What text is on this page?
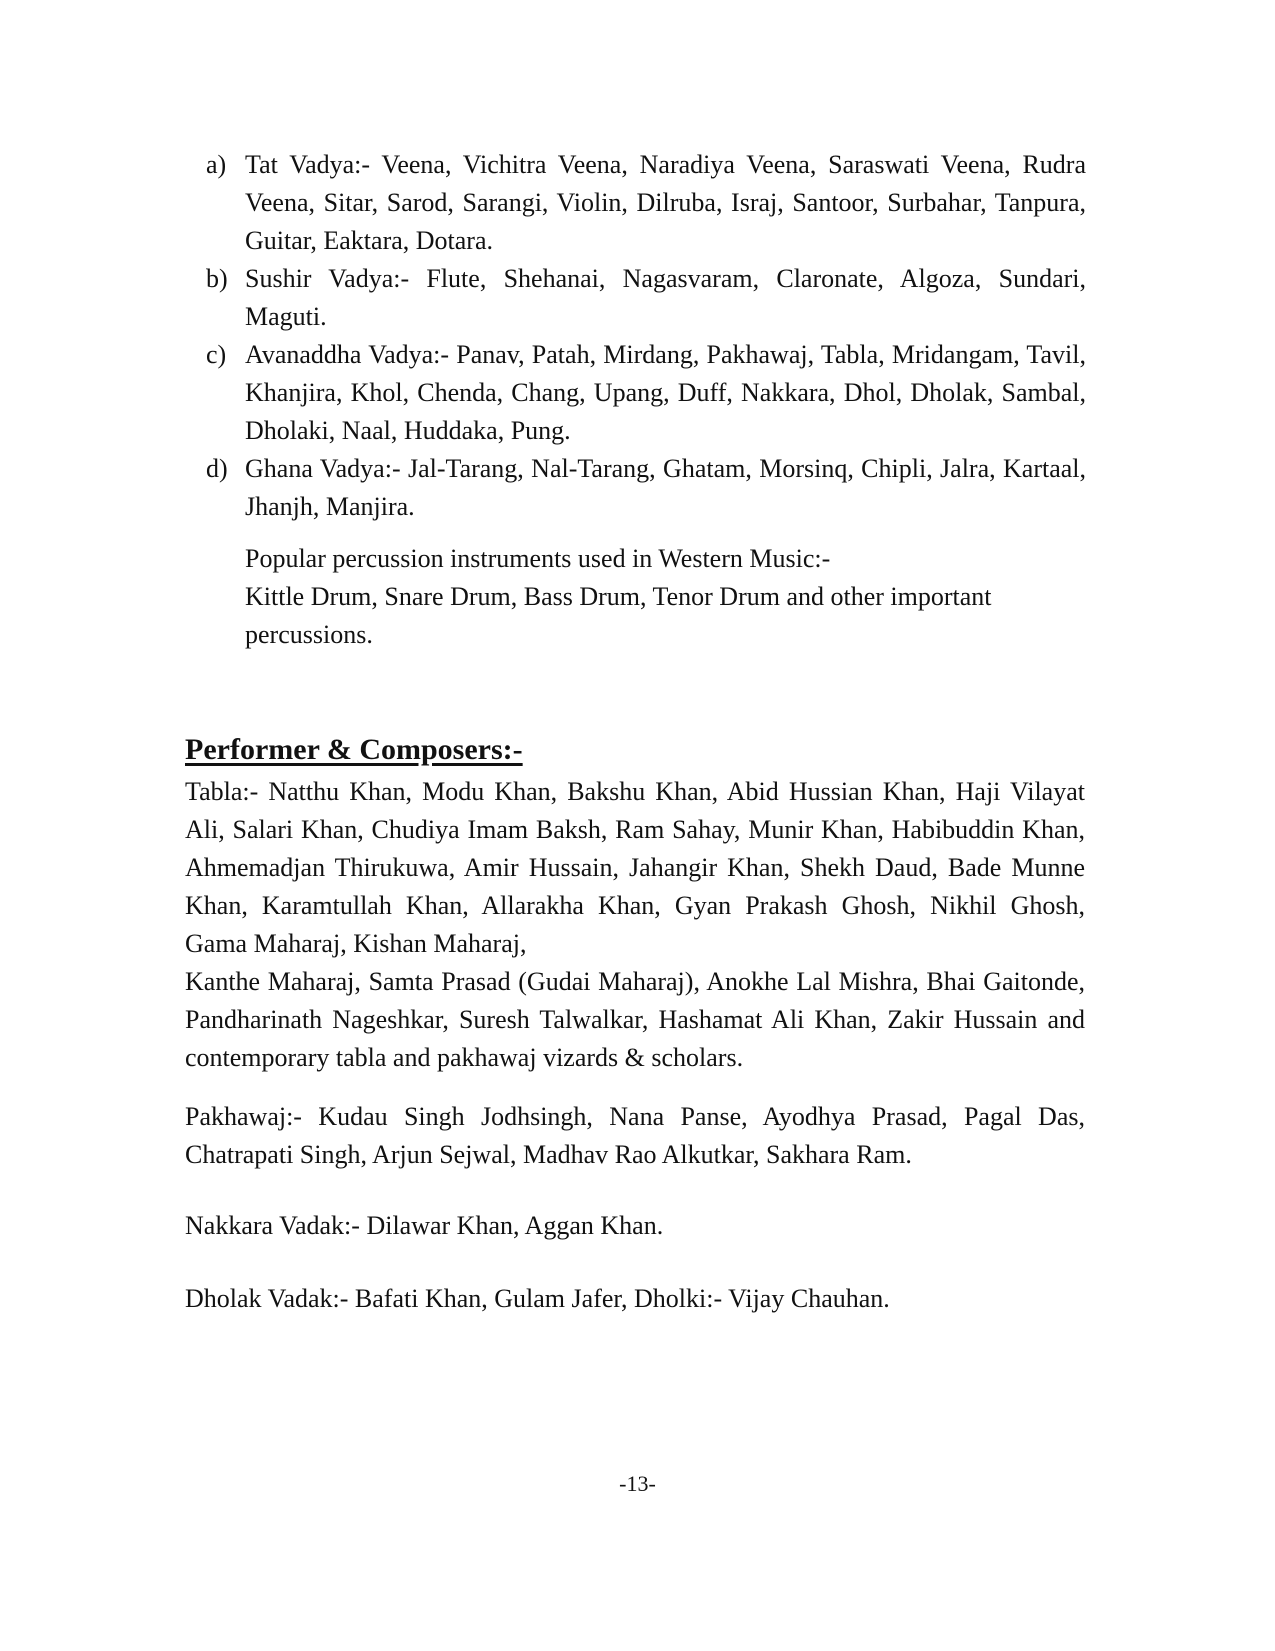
a) Tat Vadya:- Veena, Vichitra Veena, Naradiya Veena, Saraswati Veena, Rudra Veena, Sitar, Sarod, Sarangi, Violin, Dilruba, Israj, Santoor, Surbahar, Tanpura, Guitar, Eaktara, Dotara.
b) Sushir Vadya:- Flute, Shehanai, Nagasvaram, Claronate, Algoza, Sundari, Maguti.
c) Avanaddha Vadya:- Panav, Patah, Mirdang, Pakhawaj, Tabla, Mridangam, Tavil, Khanjira, Khol, Chenda, Chang, Upang, Duff, Nakkara, Dhol, Dholak, Sambal, Dholaki, Naal, Huddaka, Pung.
d) Ghana Vadya:- Jal-Tarang, Nal-Tarang, Ghatam, Morsinq, Chipli, Jalra, Kartaal, Jhanjh, Manjira.
Popular percussion instruments used in Western Music:-
Kittle Drum, Snare Drum, Bass Drum, Tenor Drum and other important percussions.
Performer & Composers:-
Tabla:- Natthu Khan, Modu Khan, Bakshu Khan, Abid Hussian Khan, Haji Vilayat Ali, Salari Khan, Chudiya Imam Baksh, Ram Sahay, Munir Khan, Habibuddin Khan, Ahmemadjan Thirukuwa, Amir Hussain, Jahangir Khan, Shekh Daud, Bade Munne Khan, Karamtullah Khan, Allarakha Khan, Gyan Prakash Ghosh, Nikhil Ghosh, Gama Maharaj, Kishan Maharaj,
Kanthe Maharaj, Samta Prasad (Gudai Maharaj), Anokhe Lal Mishra, Bhai Gaitonde, Pandharinath Nageshkar, Suresh Talwalkar, Hashamat Ali Khan, Zakir Hussain and contemporary tabla and pakhawaj vizards & scholars.
Pakhawaj:- Kudau Singh Jodhsingh, Nana Panse, Ayodhya Prasad, Pagal Das, Chatrapati Singh, Arjun Sejwal, Madhav Rao Alkutkar, Sakhara Ram.
Nakkara Vadak:- Dilawar Khan, Aggan Khan.
Dholak Vadak:- Bafati Khan, Gulam Jafer, Dholki:- Vijay Chauhan.
-13-
